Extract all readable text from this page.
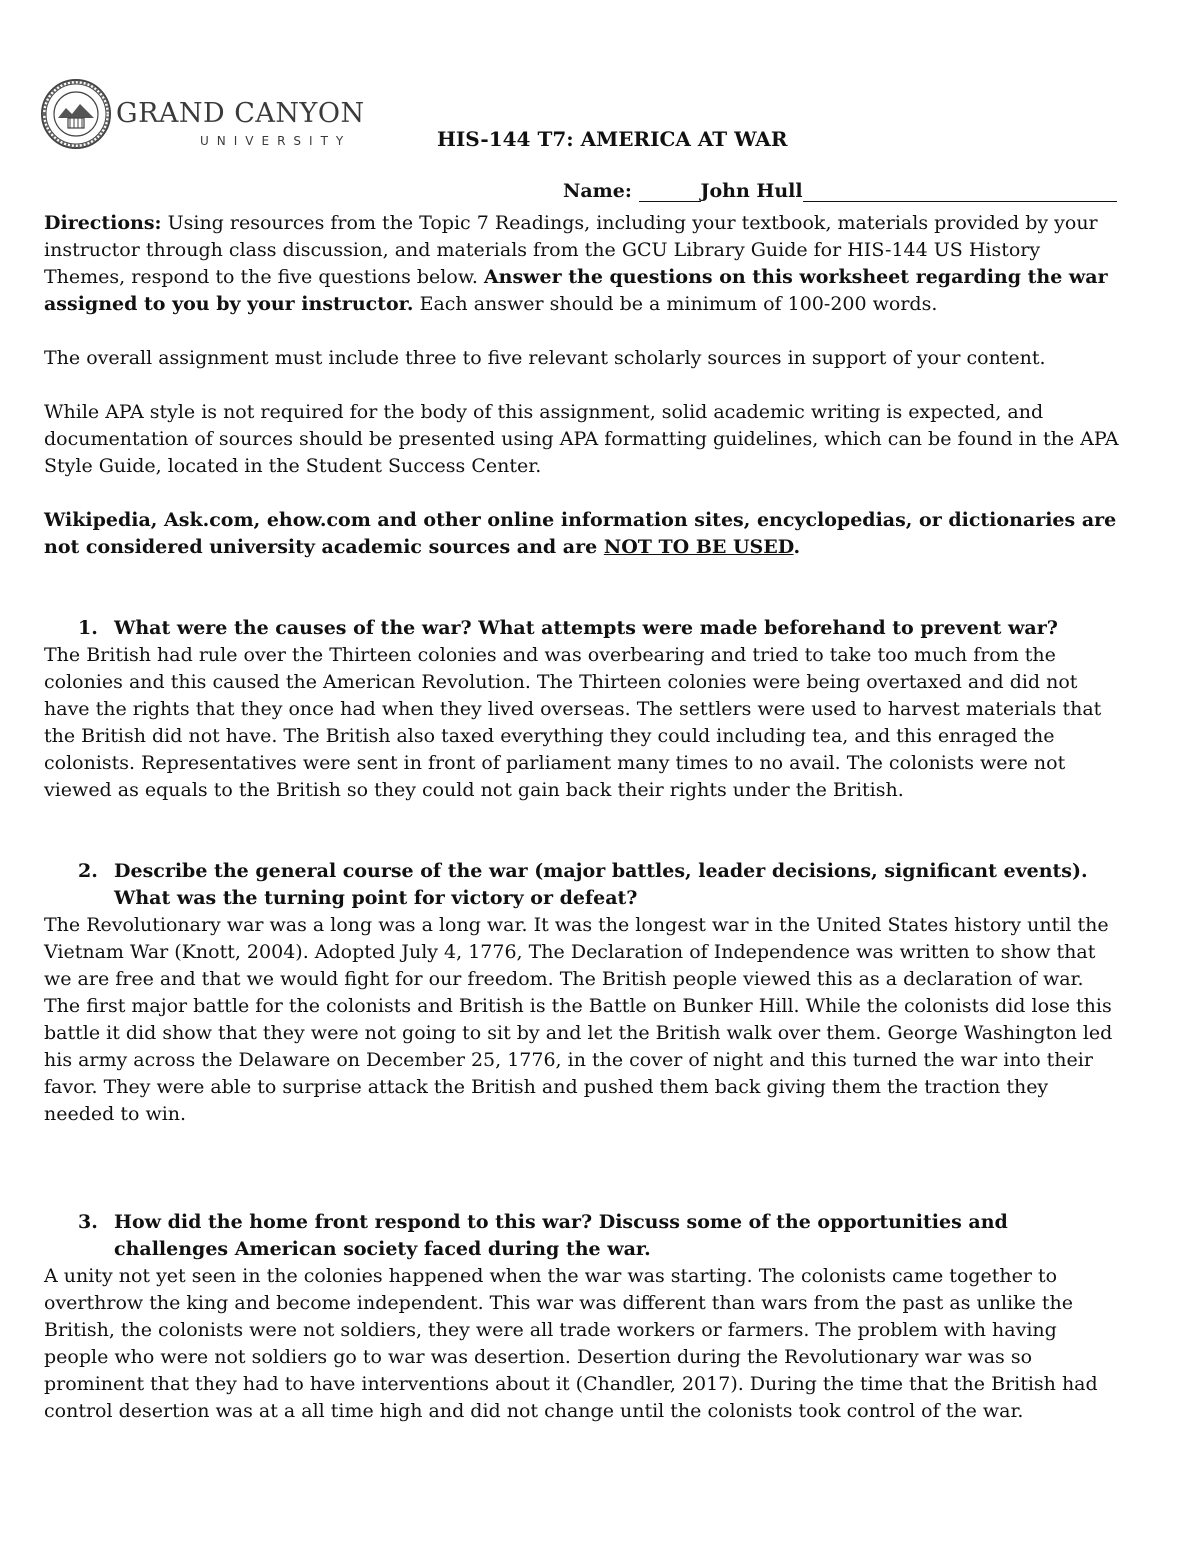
GRAND CANYON
UNIVERSITY	HIS-144 T7: AMERICA AT WAR
Name:	John Hull

Directions: Using resources from the Topic 7 Readings, including your textbook, materials provided by your instructor through class discussion, and materials from the GCU Library Guide for HIS-144 US History Themes, respond to the five questions below. Answer the questions on this worksheet regarding the war assigned to you by your instructor. Each answer should be a minimum of 100-200 words.

The overall assignment must include three to five relevant scholarly sources in support of your content.

While APA style is not required for the body of this assignment, solid academic writing is expected, and documentation of sources should be presented using APA formatting guidelines, which can be found in the APA Style Guide, located in the Student Success Center.

Wikipedia, Ask.com, ehow.com and other online information sites, encyclopedias, or dictionaries are not considered university academic sources and are NOT TO BE USED.

1. What were the causes of the war? What attempts were made beforehand to prevent war?

The British had rule over the Thirteen colonies and was overbearing and tried to take too much from the colonies and this caused the American Revolution. The Thirteen colonies were being overtaxed and did not have the rights that they once had when they lived overseas. The settlers were used to harvest materials that the British did not have. The British also taxed everything they could including tea, and this enraged the colonists. Representatives were sent in front of parliament many times to no avail. The colonists were not viewed as equals to the British so they could not gain back their rights under the British.

2. Describe the general course of the war (major battles, leader decisions, significant events). What was the turning point for victory or defeat?

The Revolutionary war was a long was a long war. It was the longest war in the United States history until the Vietnam War (Knott, 2004). Adopted July 4, 1776, The Declaration of Independence was written to show that we are free and that we would fight for our freedom. The British people viewed this as a declaration of war. The first major battle for the colonists and British is the Battle on Bunker Hill. While the colonists did lose this battle it did show that they were not going to sit by and let the British walk over them. George Washington led his army across the Delaware on December 25, 1776, in the cover of night and this turned the war into their favor. They were able to surprise attack the British and pushed them back giving them the traction they needed to win.

3. How did the home front respond to this war? Discuss some of the opportunities and challenges American society faced during the war.

A unity not yet seen in the colonies happened when the war was starting. The colonists came together to overthrow the king and become independent. This war was different than wars from the past as unlike the British, the colonists were not soldiers, they were all trade workers or farmers. The problem with having people who were not soldiers go to war was desertion. Desertion during the Revolutionary war was so prominent that they had to have interventions about it (Chandler, 2017). During the time that the British had control desertion was at a all time high and did not change until the colonists took control of the war.
